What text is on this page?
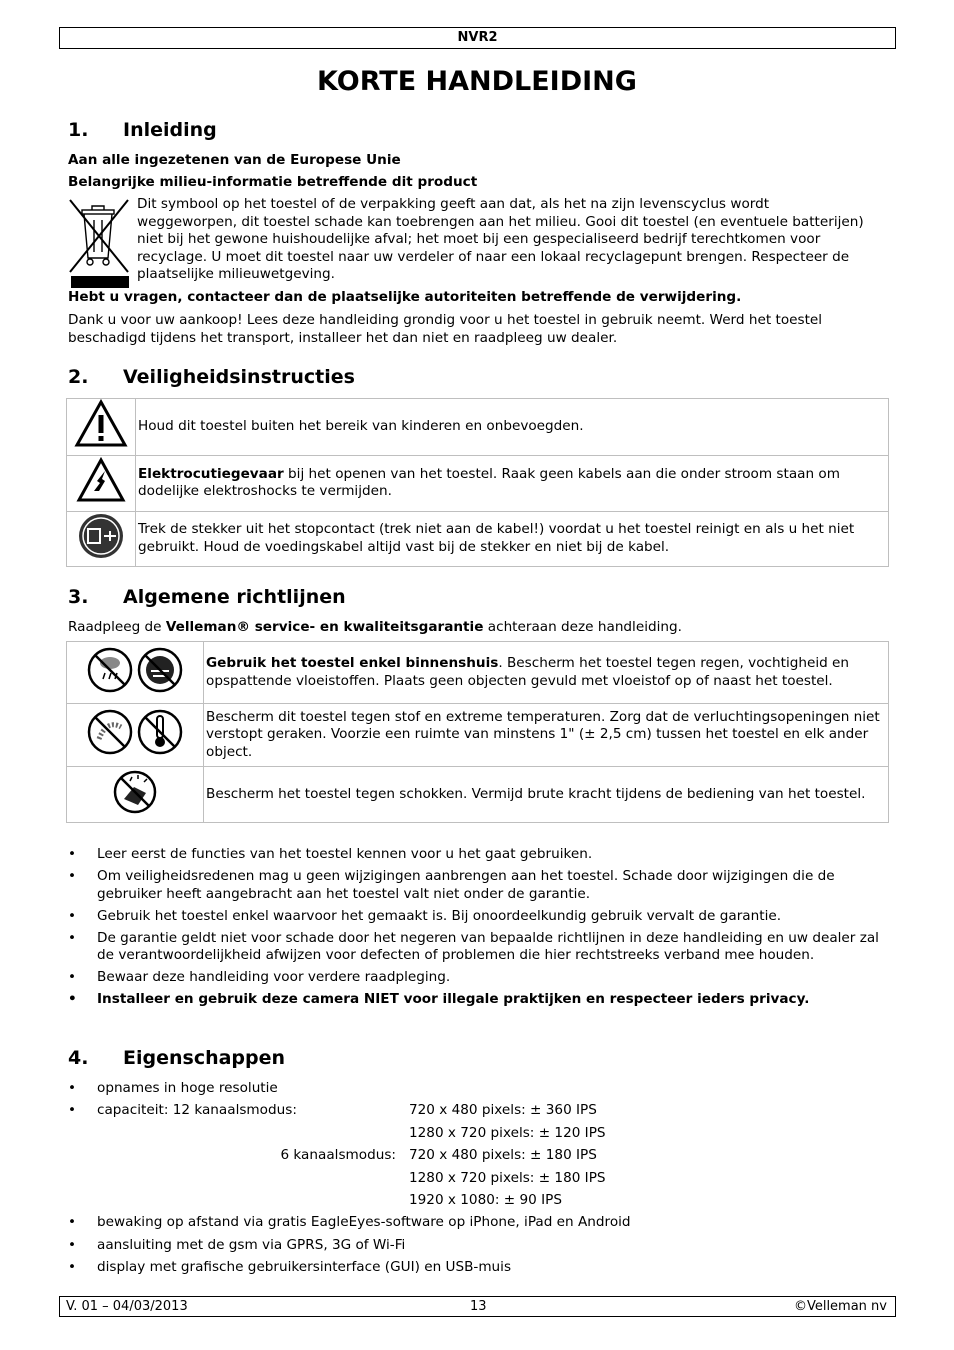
NVR2
KORTE HANDLEIDING
1. Inleiding
Aan alle ingezetenen van de Europese Unie
Belangrijke milieu-informatie betreffende dit product
Dit symbool op het toestel of de verpakking geeft aan dat, als het na zijn levenscyclus wordt weggeworpen, dit toestel schade kan toebrengen aan het milieu. Gooi dit toestel (en eventuele batterijen) niet bij het gewone huishoudelijke afval; het moet bij een gespecialiseerd bedrijf terechtkomen voor recyclage. U moet dit toestel naar uw verdeler of naar een lokaal recyclagepunt brengen. Respecteer de plaatselijke milieuwetgeving.
Hebt u vragen, contacteer dan de plaatselijke autoriteiten betreffende de verwijdering.
Dank u voor uw aankoop! Lees deze handleiding grondig voor u het toestel in gebruik neemt. Werd het toestel beschadigd tijdens het transport, installeer het dan niet en raadpleeg uw dealer.
2. Veiligheidsinstructies
	Houd dit toestel buiten het bereik van kinderen en onbevoegden.
	Elektrocutiegevaar bij het openen van het toestel. Raak geen kabels aan die onder stroom staan om dodelijke elektroshocks te vermijden.
	Trek de stekker uit het stopcontact (trek niet aan de kabel!) voordat u het toestel reinigt en als u het niet gebruikt. Houd de voedingskabel altijd vast bij de stekker en niet bij de kabel.
3. Algemene richtlijnen
Raadpleeg de Velleman® service- en kwaliteitsgarantie achteraan deze handleiding.
	Gebruik het toestel enkel binnenshuis. Bescherm het toestel tegen regen, vochtigheid en opspattende vloeistoffen. Plaats geen objecten gevuld met vloeistof op of naast het toestel.
	Bescherm dit toestel tegen stof en extreme temperaturen. Zorg dat de verluchtingsopeningen niet verstopt geraken. Voorzie een ruimte van minstens 1" (± 2,5 cm) tussen het toestel en elk ander object.
	Bescherm het toestel tegen schokken. Vermijd brute kracht tijdens de bediening van het toestel.
• Leer eerst de functies van het toestel kennen voor u het gaat gebruiken.
• Om veiligheidsredenen mag u geen wijzigingen aanbrengen aan het toestel. Schade door wijzigingen die de gebruiker heeft aangebracht aan het toestel valt niet onder de garantie.
• Gebruik het toestel enkel waarvoor het gemaakt is. Bij onoordeelkundig gebruik vervalt de garantie.
• De garantie geldt niet voor schade door het negeren van bepaalde richtlijnen in deze handleiding en uw dealer zal de verantwoordelijkheid afwijzen voor defecten of problemen die hier rechtstreeks verband mee houden.
• Bewaar deze handleiding voor verdere raadpleging.
• Installeer en gebruik deze camera NIET voor illegale praktijken en respecteer ieders privacy.
4. Eigenschappen
• opnames in hoge resolutie
• capaciteit: 12 kanaalsmodus:	720 x 480 pixels: ± 360 IPS
1280 x 720 pixels: ± 120 IPS
6 kanaalsmodus: 720 x 480 pixels: ± 180 IPS
1280 x 720 pixels: ± 180 IPS
1920 x 1080: ± 90 IPS
• bewaking op afstand via gratis EagleEyes-software op iPhone, iPad en Android
• aansluiting met de gsm via GPRS, 3G of Wi-Fi
• display met grafische gebruikersinterface (GUI) en USB-muis
V. 01 – 04/03/2013	13	©Velleman nv
